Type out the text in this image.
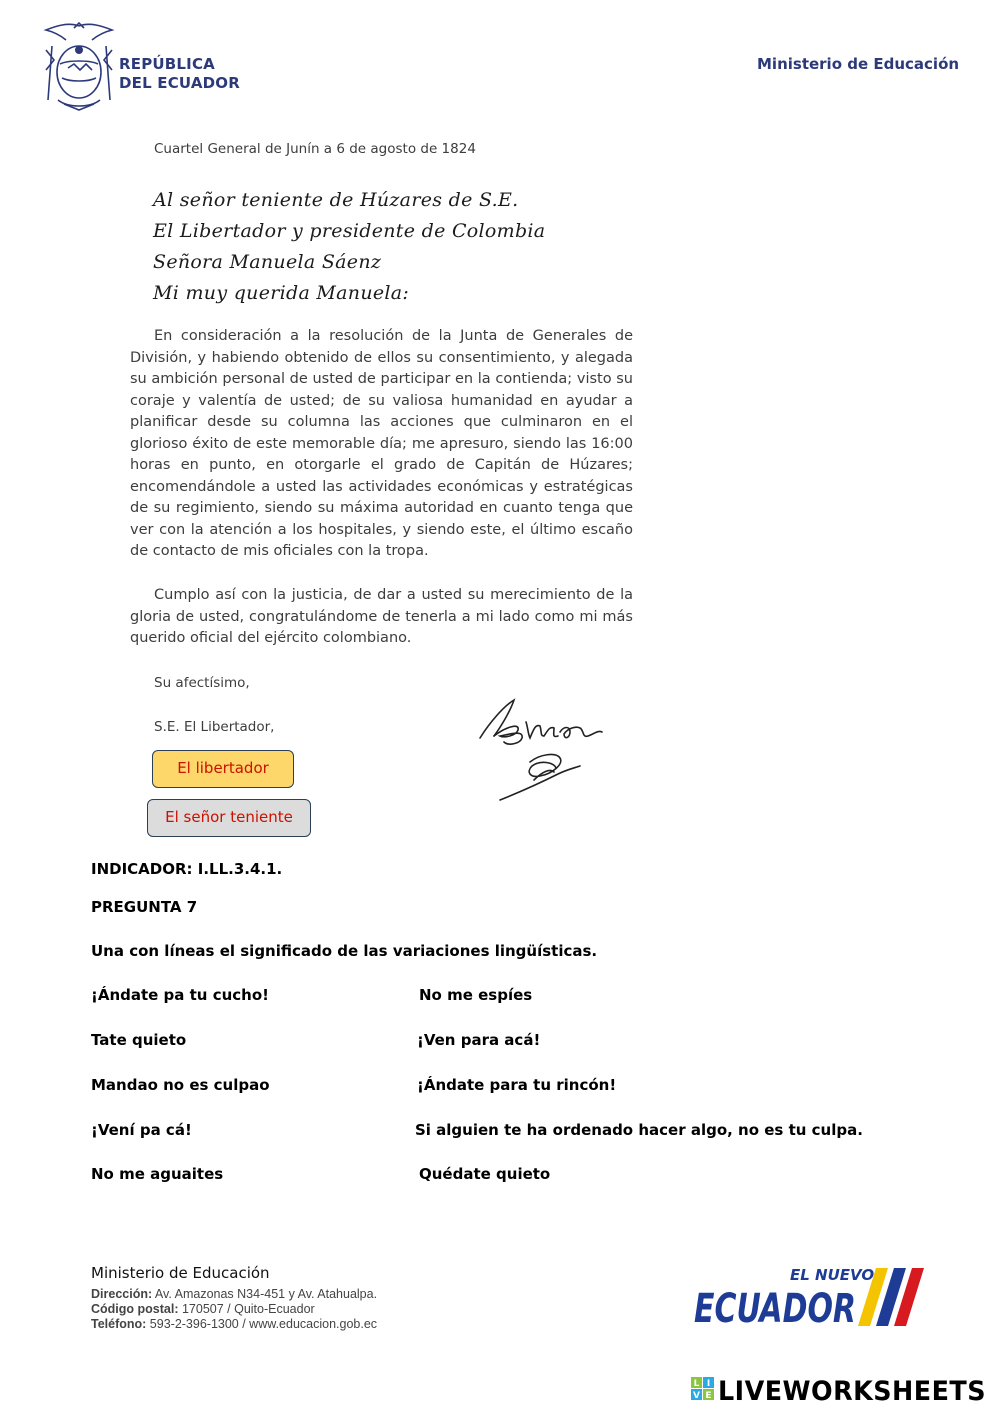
REPÚBLICA
DEL ECUADOR
Ministerio de Educación
Cuartel General de Junín a 6 de agosto de 1824
Al señor teniente de Húzares de S.E.
El Libertador y presidente de Colombia
Señora Manuela Sáenz
Mi muy querida Manuela:
En consideración a la resolución de la Junta de Generales de División, y habiendo obtenido de ellos su consentimiento, y alegada su ambición personal de usted de participar en la contienda; visto su coraje y valentía de usted; de su valiosa humanidad en ayudar a planificar desde su columna las acciones que culminaron en el glorioso éxito de este memorable día; me apresuro, siendo las 16:00 horas en punto, en otorgarle el grado de Capitán de Húzares; encomendándole a usted las actividades económicas y estratégicas de su regimiento, siendo su máxima autoridad en cuanto tenga que ver con la atención a los hospitales, y siendo este, el último escaño de contacto de mis oficiales con la tropa.
Cumplo así con la justicia, de dar a usted su merecimiento de la gloria de usted, congratulándome de tenerla a mi lado como mi más querido oficial del ejército colombiano.
Su afectísimo,
S.E. El Libertador,
El libertador
El señor teniente
INDICADOR: I.LL.3.4.1.
PREGUNTA 7
Una con líneas el significado de las variaciones lingüísticas.
¡Ándate pa tu cucho!	No me espíes
Tate quieto	¡Ven para acá!
Mandao no es culpao	¡Ándate para tu rincón!
¡Vení pa cá!	Si alguien te ha ordenado hacer algo, no es tu culpa.
No me aguaites	Quédate quieto
Ministerio de Educación
Dirección: Av. Amazonas N34-451 y Av. Atahualpa.
Código postal: 170507 / Quito-Ecuador
Teléfono: 593-2-396-1300 / www.educacion.gob.ec
EL NUEVO
ECUADOR
L I
V E LIVEWORKSHEETS
